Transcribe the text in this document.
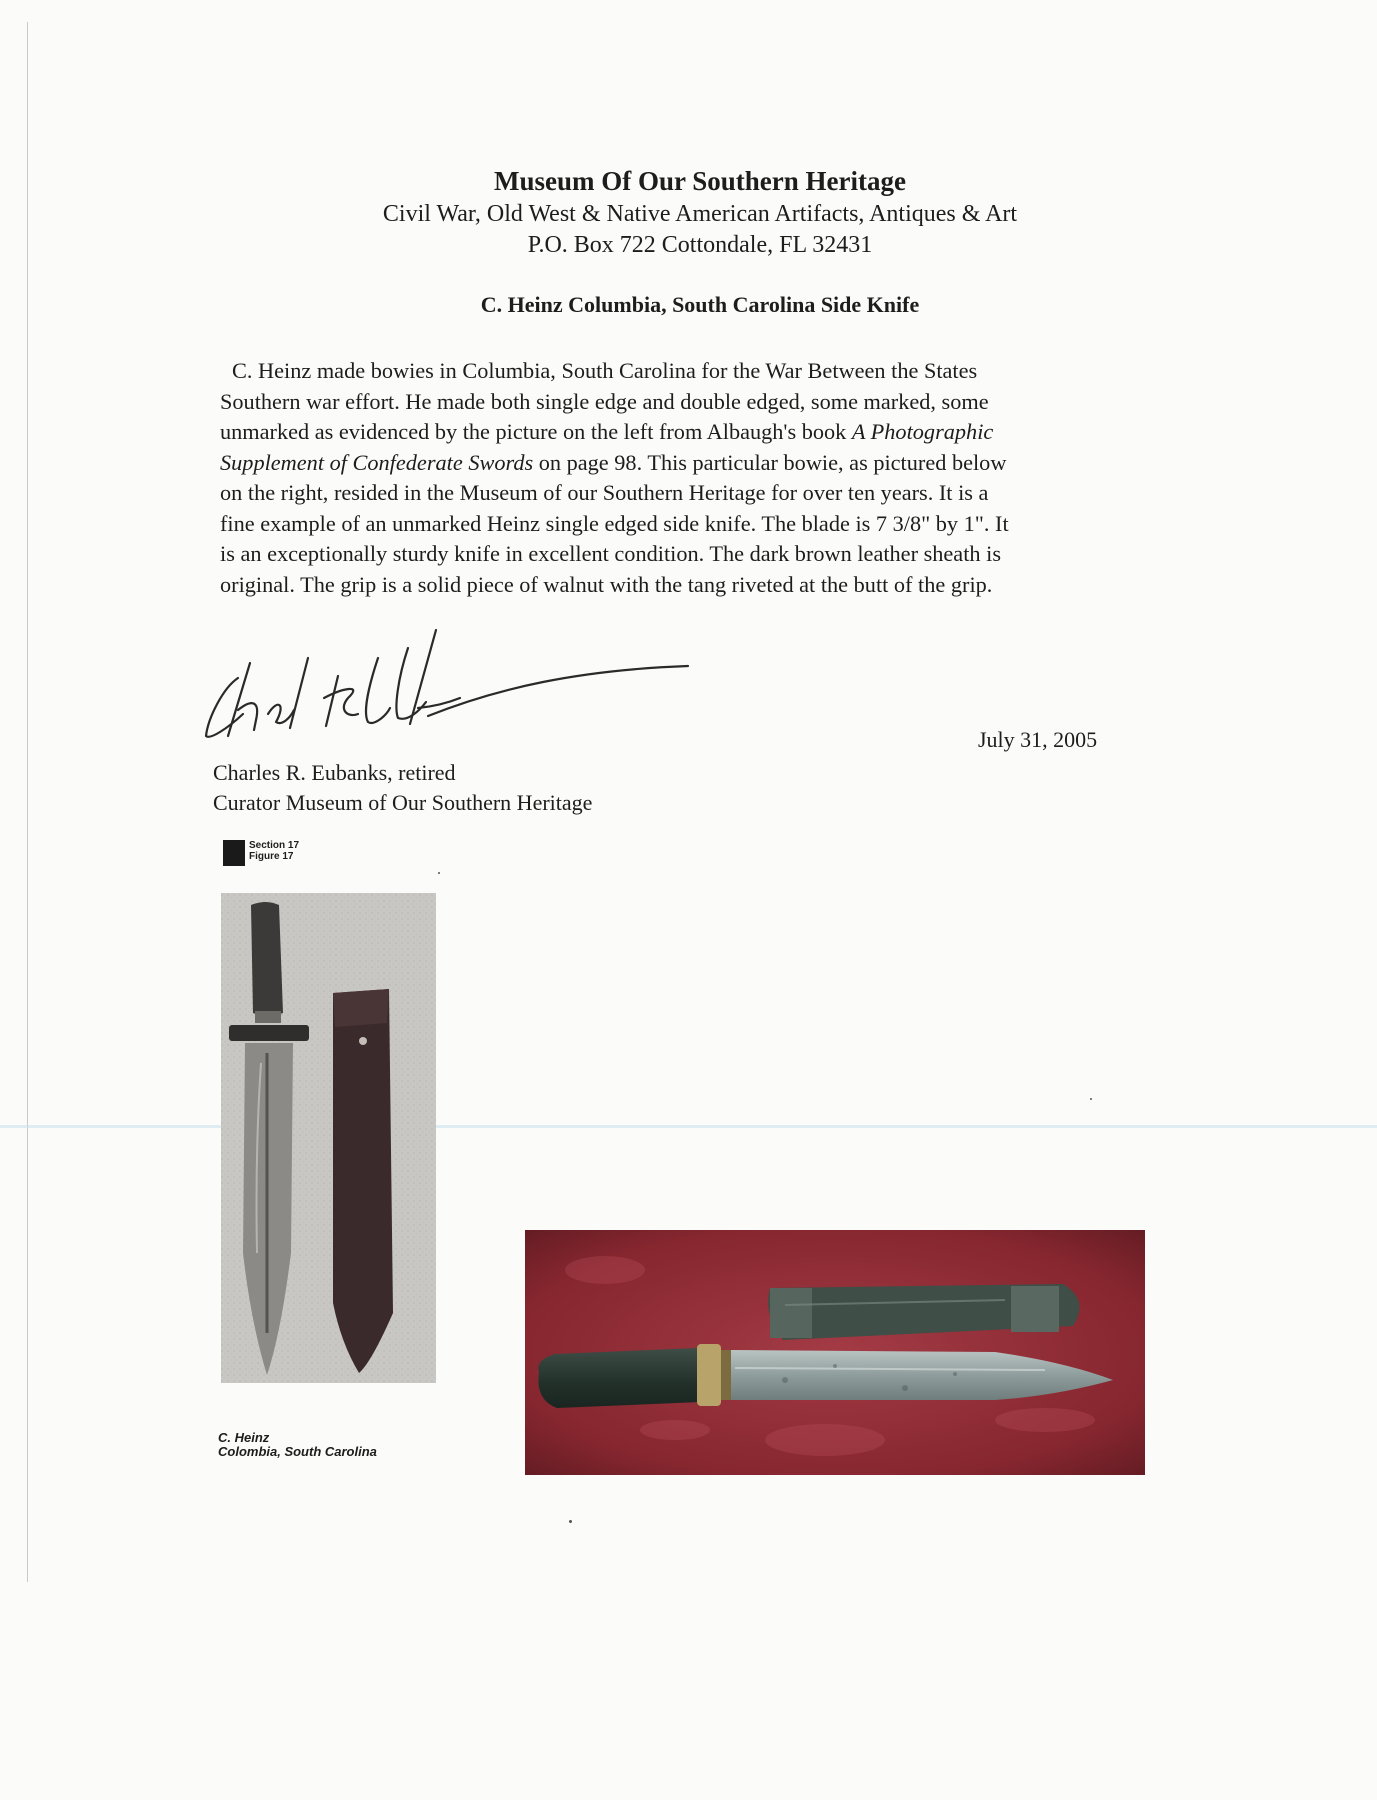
Museum Of Our Southern Heritage
Civil War, Old West & Native American Artifacts, Antiques & Art
P.O. Box 722 Cottondale, FL 32431
C. Heinz Columbia, South Carolina Side Knife
C. Heinz made bowies in Columbia, South Carolina for the War Between the States
Southern war effort. He made both single edge and double edged, some marked, some
unmarked as evidenced by the picture on the left from Albaugh's book A Photographic
Supplement of Confederate Swords on page 98. This particular bowie, as pictured below
on the right, resided in the Museum of our Southern Heritage for over ten years. It is a
fine example of an unmarked Heinz single edged side knife. The blade is 7 3/8" by 1". It
is an exceptionally sturdy knife in excellent condition. The dark brown leather sheath is
original. The grip is a solid piece of walnut with the tang riveted at the butt of the grip.
July 31, 2005
Charles R. Eubanks, retired
Curator Museum of Our Southern Heritage
Section 17
Figure 17
C. Heinz
Colombia, South Carolina
